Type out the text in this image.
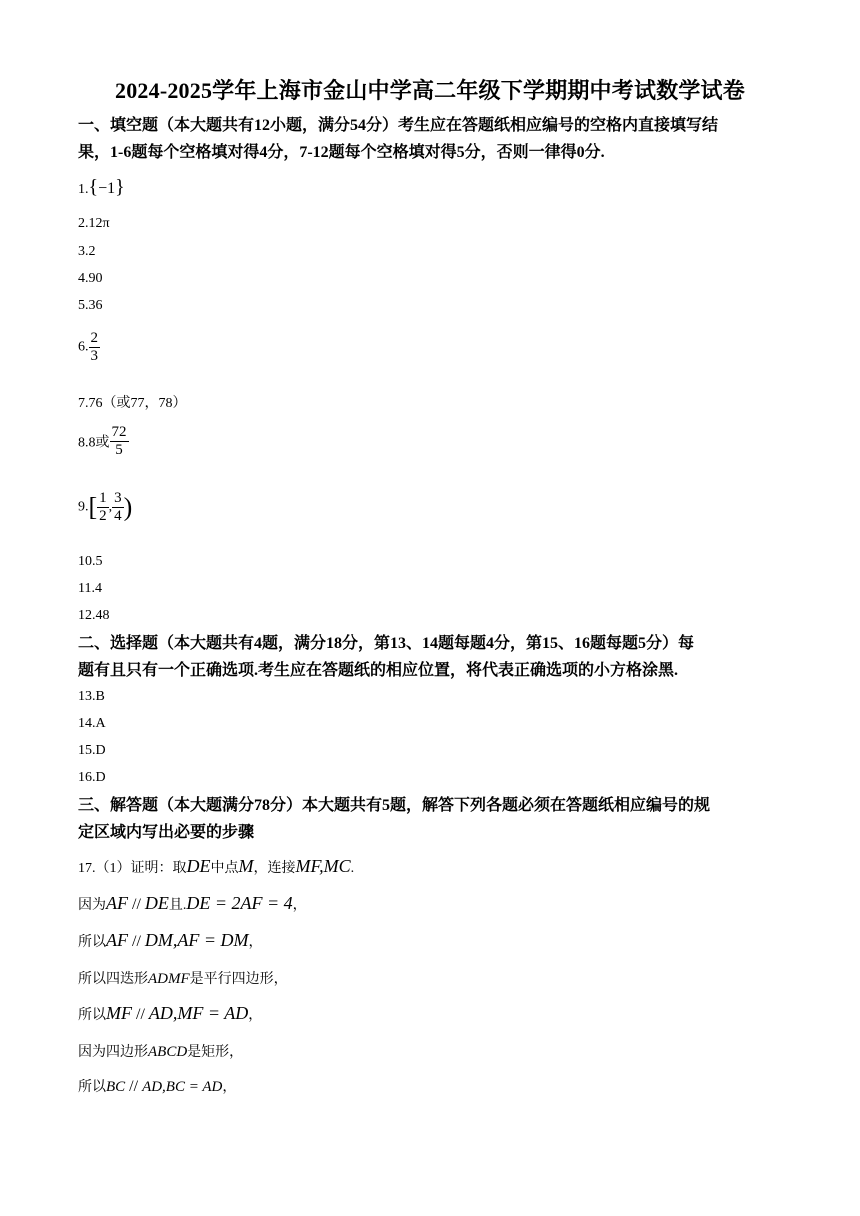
2024-2025学年上海市金山中学高二年级下学期期中考试数学试卷
一、填空题（本大题共有12小题，满分54分）考生应在答题纸相应编号的空格内直接填写结
果，1-6题每个空格填对得4分，7-12题每个空格填对得5分，否则一律得0分.
1.{−1}
2.12π
3.2
4.90
5.36
6. $\frac{2}{3}$
7.76（或77，78）
8.8或 $\frac{72}{5}$
$9.[ \frac{1}{2}$ , $\frac{3}{4}$ )
10.5
11.4
12.48
二、选择题（本大题共有4题，满分18分，第13、14题每题4分，第15、16题每题5分）每
题有且只有一个正确选项.考生应在答题纸的相应位置，将代表正确选项的小方格涂黑.
13.B
14.A
15.D
16.D
三、解答题（本大题满分78分）本大题共有5题，解答下列各题必须在答题纸相应编号的规
定区域内写出必要的步骤
17.（1）证明：取DE中点M，连接MF,MC.
因为AF // DE且.DE = 2AF = 4，
所以AF // DM,AF = DM，
所以四迭形ADMF是平行四边形，
所以MF // AD,MF = AD，
因为四边形ABCD是矩形，
所以BC // AD,BC = AD，
